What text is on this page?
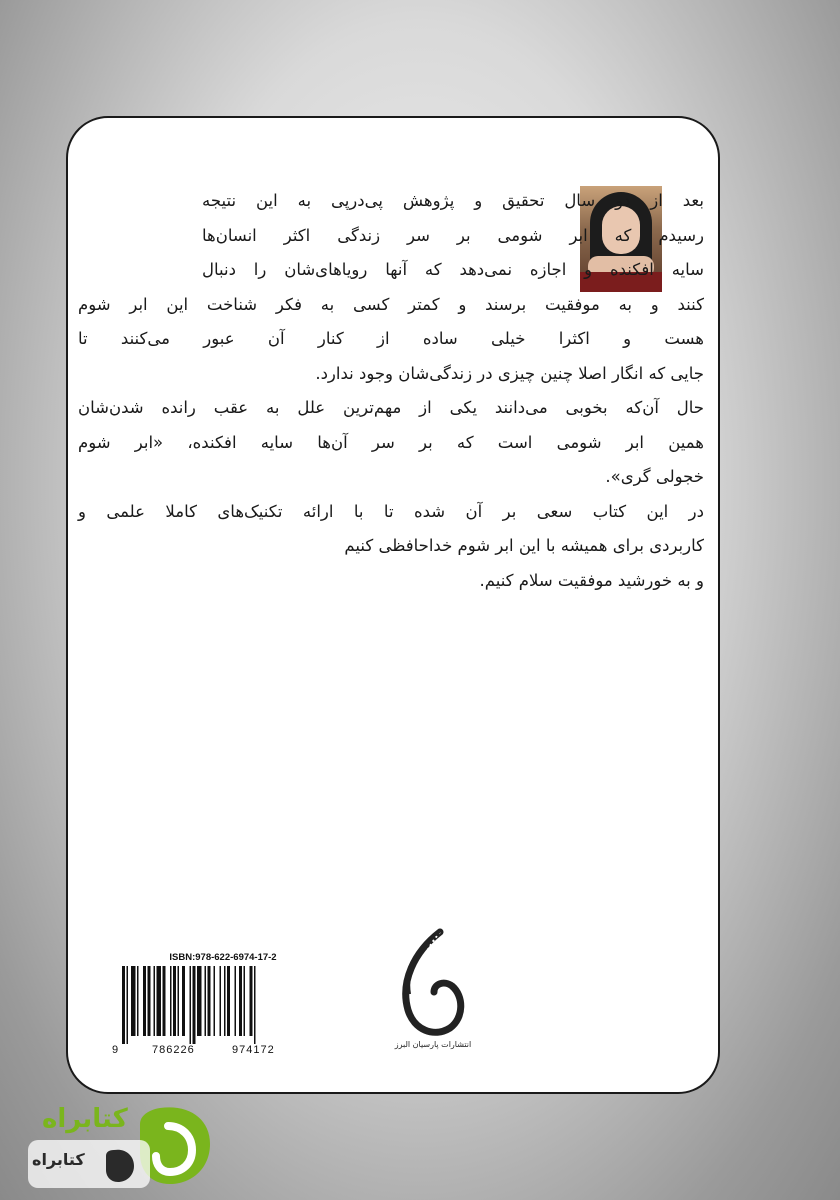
بعد از دو سال تحقیق و پژوهش پی‌درپی به این نتیجه
رسیدم که ابر شومی بر سر زندگی اکثر انسان‌ها
سایه افکنده و اجازه نمی‌دهد که آنها رویاهای‌شان را دنبال
کنند و به موفقیت برسند و کمتر کسی به فکر شناخت این ابر شوم
هست و اکثرا خیلی ساده از کنار آن عبور می‌کنند تا
جایی که انگار اصلا چنین چیزی در زندگی‌شان وجود ندارد.

حال آن‌که بخوبی می‌دانند یکی از مهم‌ترین علل به عقب رانده شدن‌شان
همین ابر شومی است که بر سر آن‌ها سایه افکنده، «ابر شوم
خجولی گری».

در این کتاب سعی بر آن شده تا با ارائه تکنیک‌های کاملا علمی و
کاربردی برای همیشه با این ابر شوم خداحافظی کنیم
و به خورشید موفقیت سلام کنیم.

ISBN:978-622-6974-17-2
9	786226	974172	انتشارات پارسیان البرز
کتابراه
کتابراه
